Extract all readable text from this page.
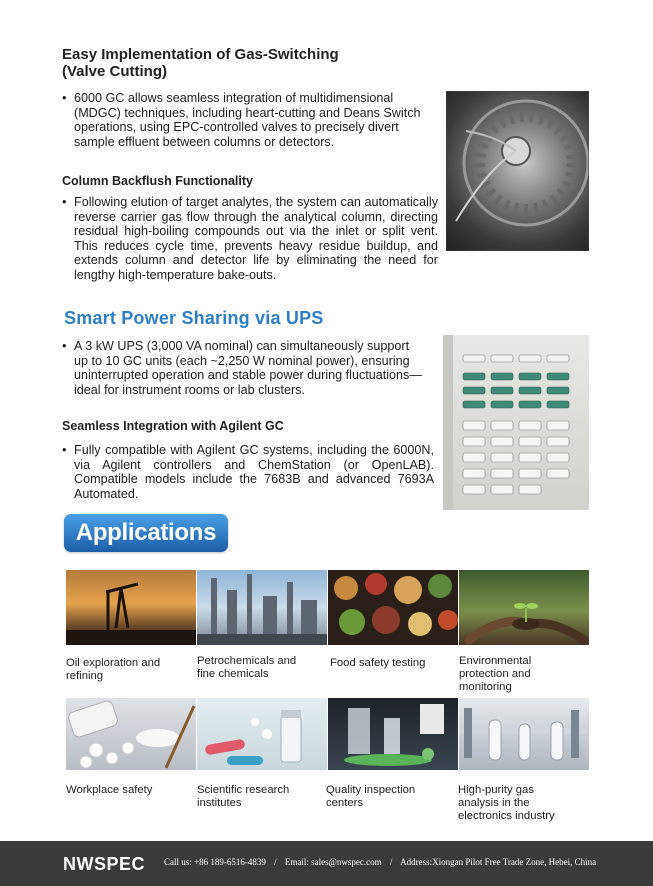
Easy Implementation of Gas-Switching
(Valve Cutting)
• 6000 GC allows seamless integration of multidimensional (MDGC) techniques, including heart-cutting and Deans Switch operations, using EPC-controlled valves to precisely divert sample effluent between columns or detectors.
Column Backflush Functionality
• Following elution of target analytes, the system can automatically reverse carrier gas flow through the analytical column, directing residual high-boiling compounds out via the inlet or split vent. This reduces cycle time, prevents heavy residue buildup, and extends column and detector life by eliminating the need for lengthy high-temperature bake-outs.
Smart Power Sharing via UPS
• A 3 kW UPS (3,000 VA nominal) can simultaneously support up to 10 GC units (each ~2,250 W nominal power), ensuring uninterrupted operation and stable power during fluctuations—ideal for instrument rooms or lab clusters.
Seamless Integration with Agilent GC
• Fully compatible with Agilent GC systems, including the 6000N, via Agilent controllers and ChemStation (or OpenLAB). Compatible models include the 7683B and advanced 7693A Automated.
Applications
Oil exploration and refining
Petrochemicals and fine chemicals
Food safety testing	Environmental protection and monitoring
Workplace safety	Scientific research institutes
Quality inspection centers
High-purity gas analysis in the electronics industry
NWSPEC Call us: +86 189-6516-4839 / Email: sales@nwspec.com / Address:Xiongan Pilot Free Trade Zone, Hebei, China
